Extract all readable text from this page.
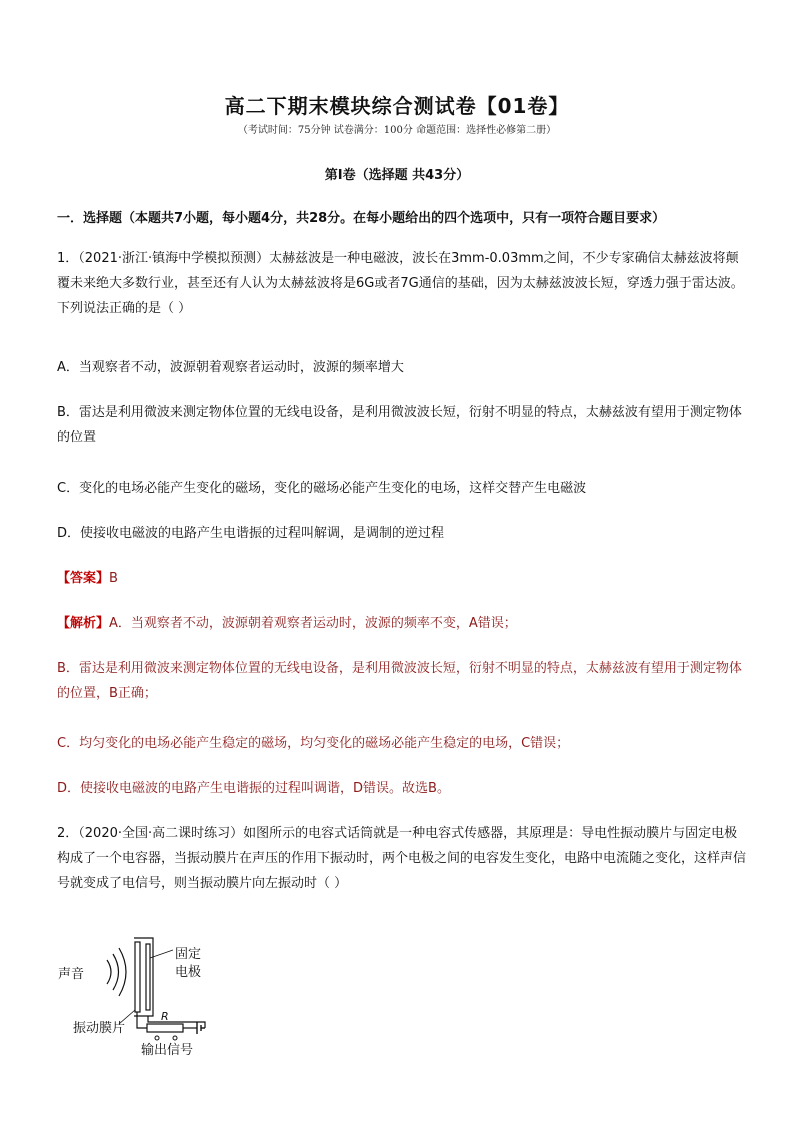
高二下期末模块综合测试卷【01卷】
（考试时间：75分钟 试卷满分：100分 命题范围：选择性必修第二册）
第Ⅰ卷（选择题 共43分）
一．选择题（本题共7小题，每小题4分，共28分。在每小题给出的四个选项中，只有一项符合题目要求）

1．（2021·浙江·镇海中学模拟预测）太赫兹波是一种电磁波，波长在3mm-0.03mm之间，不少专家确信太赫兹波将颠覆未来绝大多数行业，甚至还有人认为太赫兹波将是6G或者7G通信的基础，因为太赫兹波波长短，穿透力强于雷达波。下列说法正确的是（ ）

A．当观察者不动，波源朝着观察者运动时，波源的频率增大

B．雷达是利用微波来测定物体位置的无线电设备，是利用微波波长短，衍射不明显的特点，太赫兹波有望用于测定物体的位置

C．变化的电场必能产生变化的磁场，变化的磁场必能产生变化的电场，这样交替产生电磁波

D．使接收电磁波的电路产生电谐振的过程叫解调，是调制的逆过程

【答案】B

【解析】A．当观察者不动，波源朝着观察者运动时，波源的频率不变，A错误；

B．雷达是利用微波来测定物体位置的无线电设备，是利用微波波长短，衍射不明显的特点，太赫兹波有望用于测定物体的位置，B正确；

C．均匀变化的电场必能产生稳定的磁场，均匀变化的磁场必能产生稳定的电场，C错误；

D．使接收电磁波的电路产生电谐振的过程叫调谐，D错误。故选B。

2．（2020·全国·高二课时练习）如图所示的电容式话筒就是一种电容式传感器，其原理是：导电性振动膜片与固定电极构成了一个电容器，当振动膜片在声压的作用下振动时，两个电极之间的电容发生变化，电路中电流随之变化，这样声信号就变成了电信号，则当振动膜片向左振动时（ ）

声音
固定
电极
R
振动膜片
输出信号
